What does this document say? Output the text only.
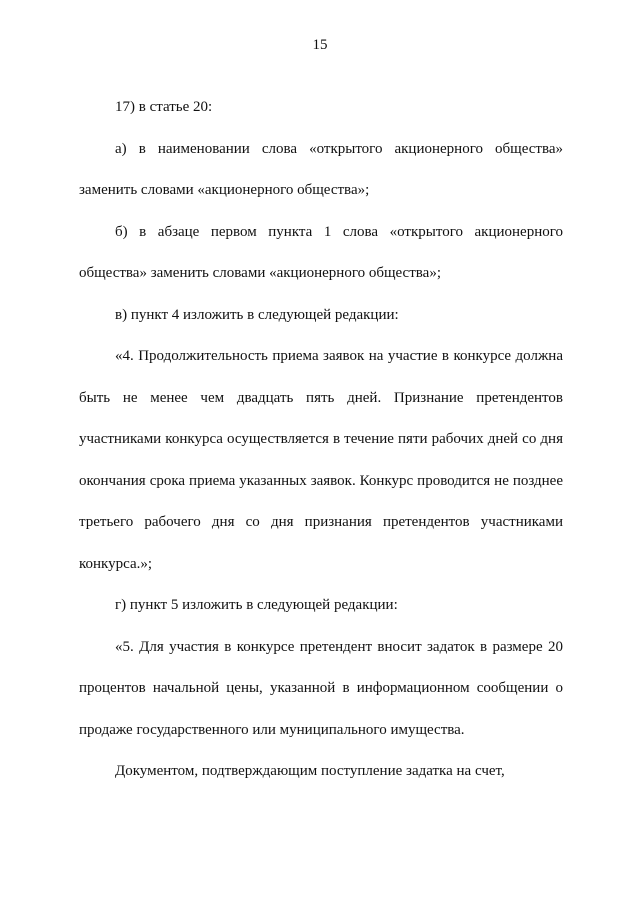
15

17) в статье 20:

а) в наименовании слова «открытого акционерного общества» заменить словами «акционерного общества»;

б) в абзаце первом пункта 1 слова «открытого акционерного общества» заменить словами «акционерного общества»;

в) пункт 4 изложить в следующей редакции:

«4. Продолжительность приема заявок на участие в конкурсе должна быть не менее чем двадцать пять дней. Признание претендентов участниками конкурса осуществляется в течение пяти рабочих дней со дня окончания срока приема указанных заявок. Конкурс проводится не позднее третьего рабочего дня со дня признания претендентов участниками конкурса.»;

г) пункт 5 изложить в следующей редакции:

«5. Для участия в конкурсе претендент вносит задаток в размере 20 процентов начальной цены, указанной в информационном сообщении о продаже государственного или муниципального имущества.

Документом, подтверждающим поступление задатка на счет,
